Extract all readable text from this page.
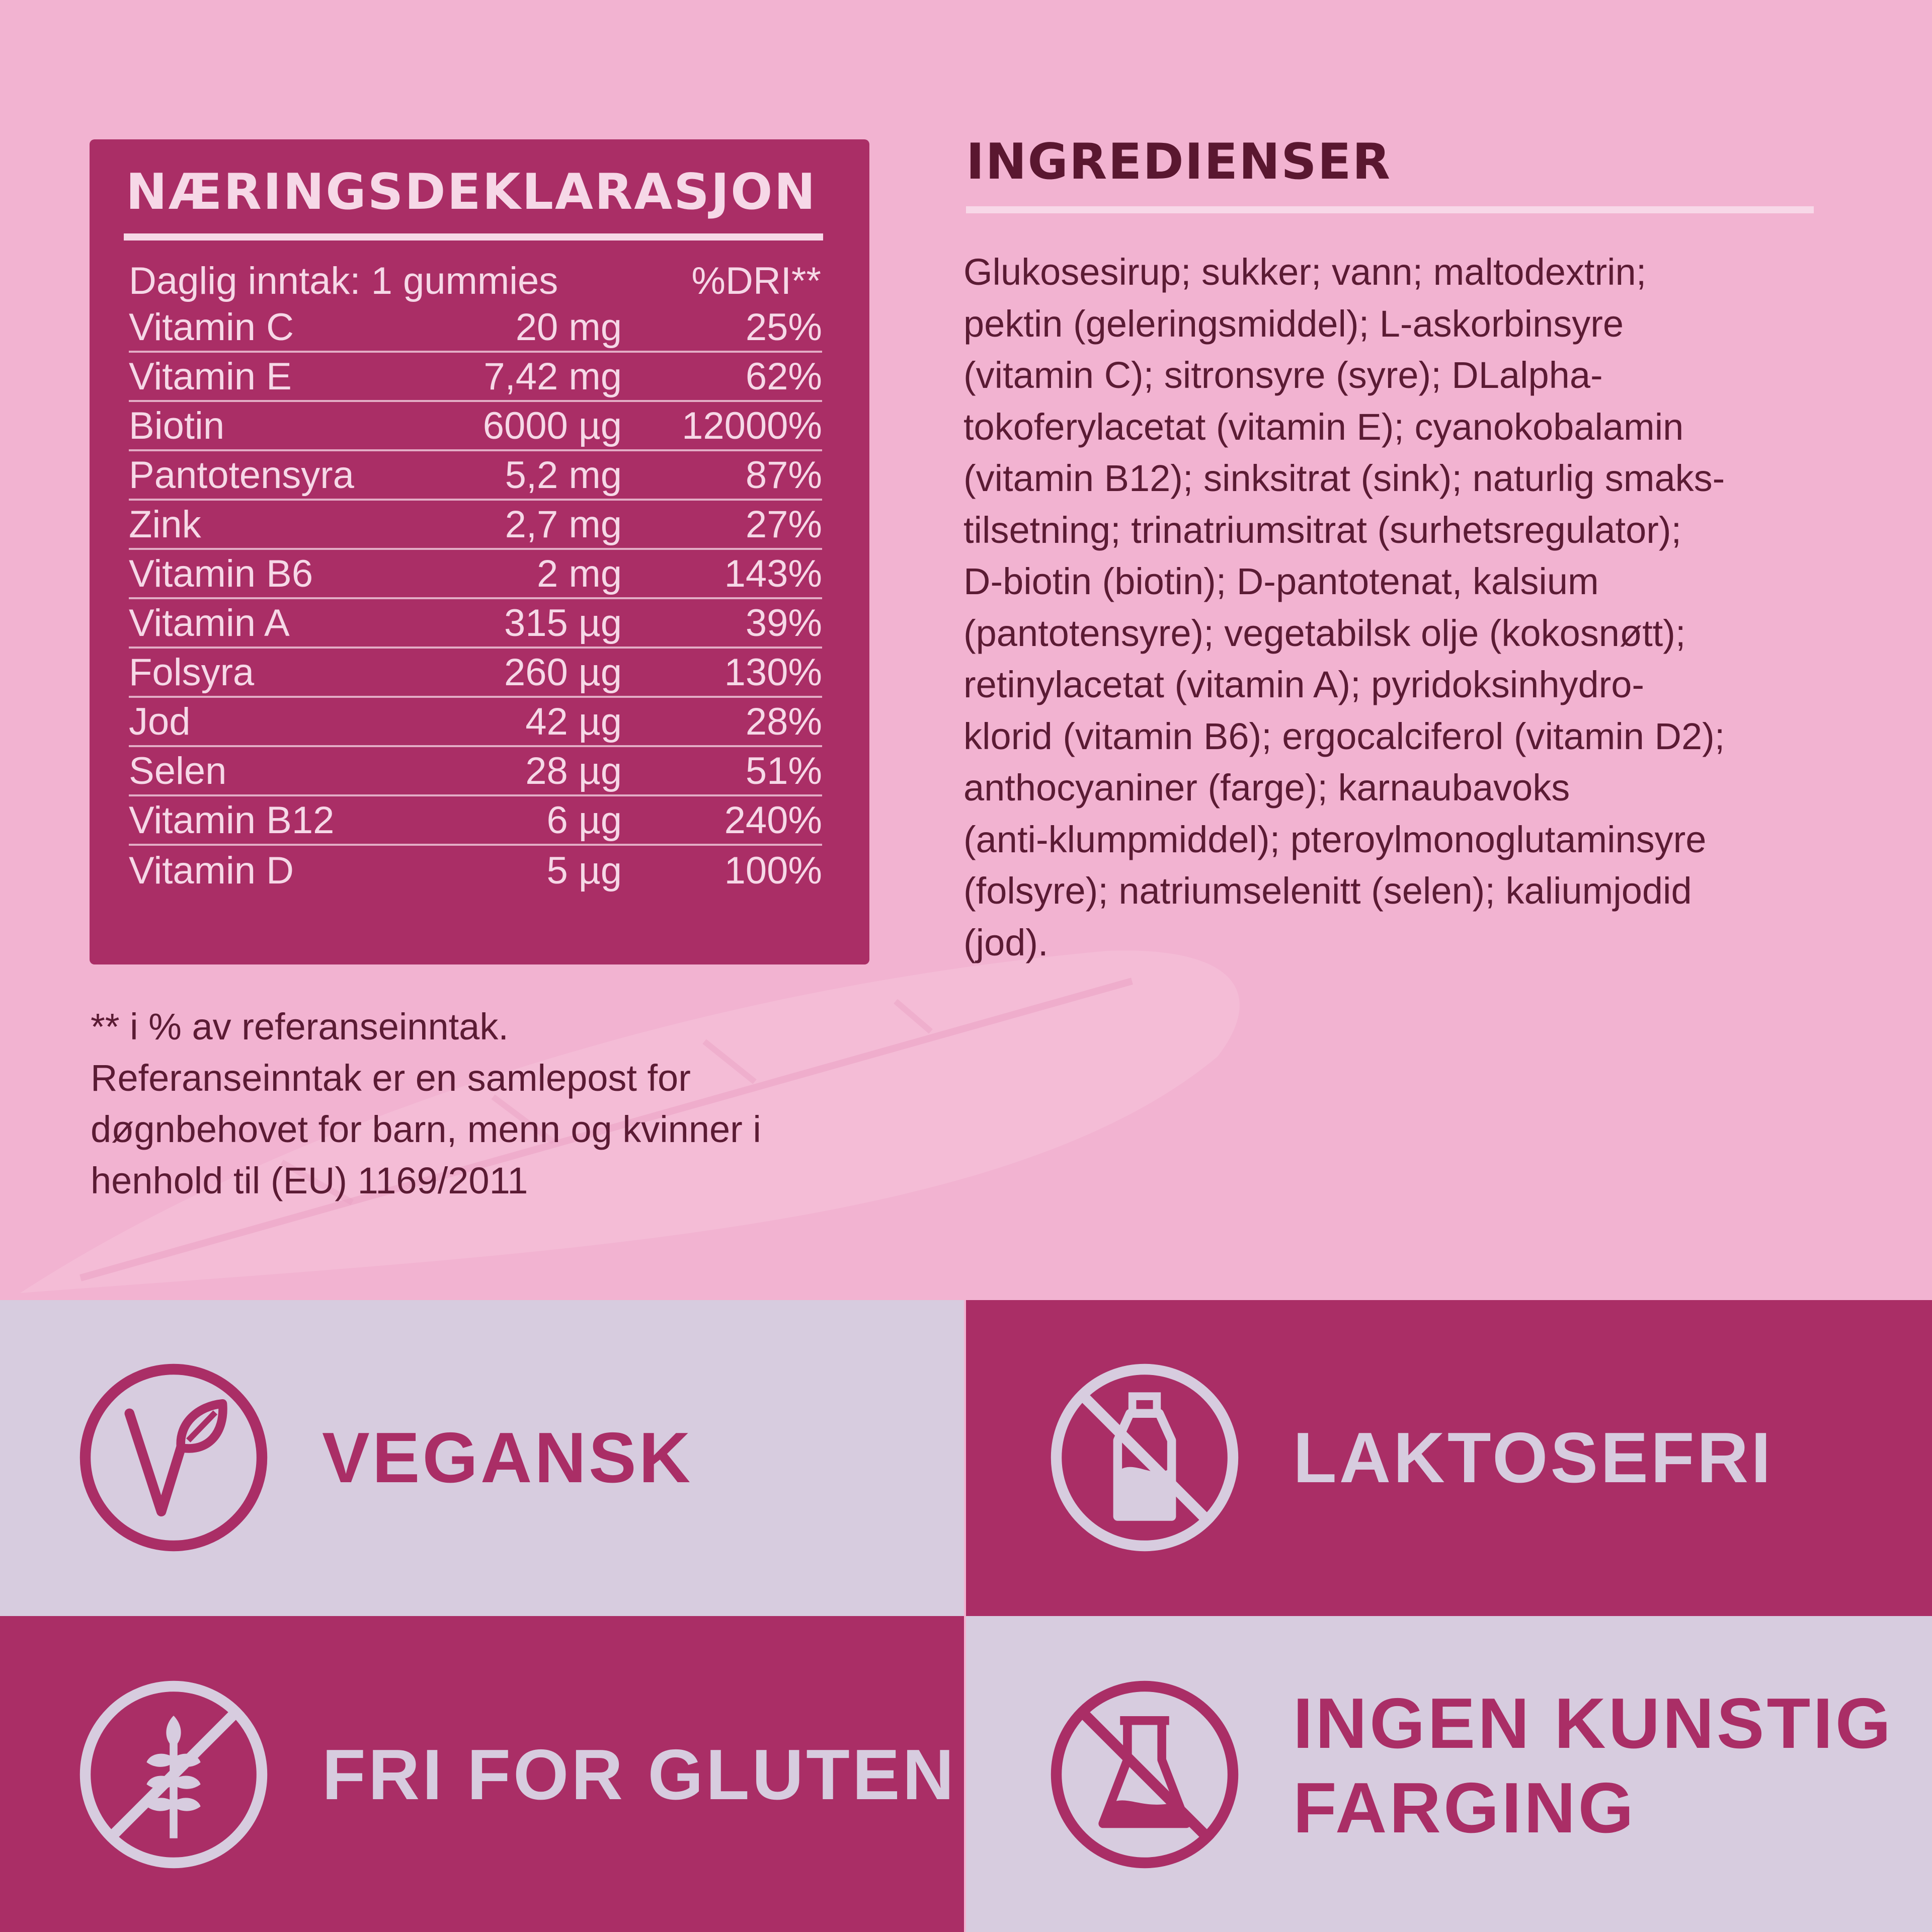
NÆRINGSDEKLARASJON
Daglig inntak: 1 gummies	%DRI**
Vitamin C	20 mg	25%
Vitamin E	7,42 mg	62%
Biotin	6000 µg	12000%
Pantotensyra	5,2 mg	87%
Zink	2,7 mg	27%
Vitamin B6	2 mg	143%
Vitamin A	315 µg	39%
Folsyra	260 µg	130%
Jod	42 µg	28%
Selen	28 µg	51%
Vitamin B12	6 µg	240%
Vitamin D	5 µg	100%
** i % av referanseinntak.
Referanseinntak er en samlepost for
døgnbehovet for barn, menn og kvinner i
henhold til (EU) 1169/2011
INGREDIENSER
Glukosesirup; sukker; vann; maltodextrin;
pektin (geleringsmiddel); L-askorbinsyre
(vitamin C); sitronsyre (syre); DLalpha-
tokoferylacetat (vitamin E); cyanokobalamin
(vitamin B12); sinksitrat (sink); naturlig smaks-
tilsetning; trinatriumsitrat (surhetsregulator);
D-biotin (biotin); D-pantotenat, kalsium
(pantotensyre); vegetabilsk olje (kokosnøtt);
retinylacetat (vitamin A); pyridoksinhydro-
klorid (vitamin B6); ergocalciferol (vitamin D2);
anthocyaniner (farge); karnaubavoks
(anti-klumpmiddel); pteroylmonoglutaminsyre
(folsyre); natriumselenitt (selen); kaliumjodid
(jod).
VEGANSK	LAKTOSEFRI
FRI FOR GLUTEN
INGEN KUNSTIG
FARGING
